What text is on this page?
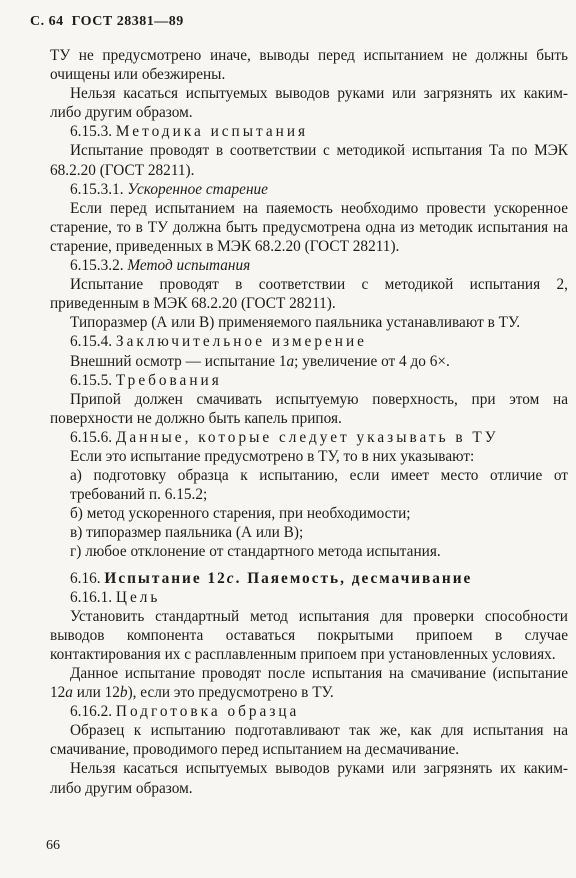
С. 64 ГОСТ 28381—89

ТУ не предусмотрено иначе, выводы перед испытанием не должны быть очищены или обезжирены.

Нельзя касаться испытуемых выводов руками или загрязнять их каким-либо другим образом.

6.15.3. Методика испытания

Испытание проводят в соответствии с методикой испытания Та по МЭК 68.2.20 (ГОСТ 28211).

6.15.3.1. Ускоренное старение

Если перед испытанием на паяемость необходимо провести ускоренное старение, то в ТУ должна быть предусмотрена одна из методик испытания на старение, приведенных в МЭК 68.2.20 (ГОСТ 28211).

6.15.3.2. Метод испытания

Испытание проводят в соответствии с методикой испытания 2, приведенным в МЭК 68.2.20 (ГОСТ 28211).

Типоразмер (А или В) применяемого паяльника устанавливают в ТУ.

6.15.4. Заключительное измерение

Внешний осмотр — испытание 1а; увеличение от 4 до 6×.

6.15.5. Требования

Припой должен смачивать испытуемую поверхность, при этом на поверхности не должно быть капель припоя.

6.15.6. Данные, которые следует указывать в ТУ

Если это испытание предусмотрено в ТУ, то в них указывают:

а) подготовку образца к испытанию, если имеет место отличие от требований п. 6.15.2;

б) метод ускоренного старения, при необходимости;

в) типоразмер паяльника (А или В);

г) любое отклонение от стандартного метода испытания.

6.16. Испытание 12с. Паяемость, десмачивание

6.16.1. Цель

Установить стандартный метод испытания для проверки способности выводов компонента оставаться покрытыми припоем в случае контактирования их с расплавленным припоем при установленных условиях.

Данное испытание проводят после испытания на смачивание (испытание 12а или 12b), если это предусмотрено в ТУ.

6.16.2. Подготовка образца

Образец к испытанию подготавливают так же, как для испытания на смачивание, проводимого перед испытанием на десмачивание.

Нельзя касаться испытуемых выводов руками или загрязнять их каким-либо другим образом.

66
